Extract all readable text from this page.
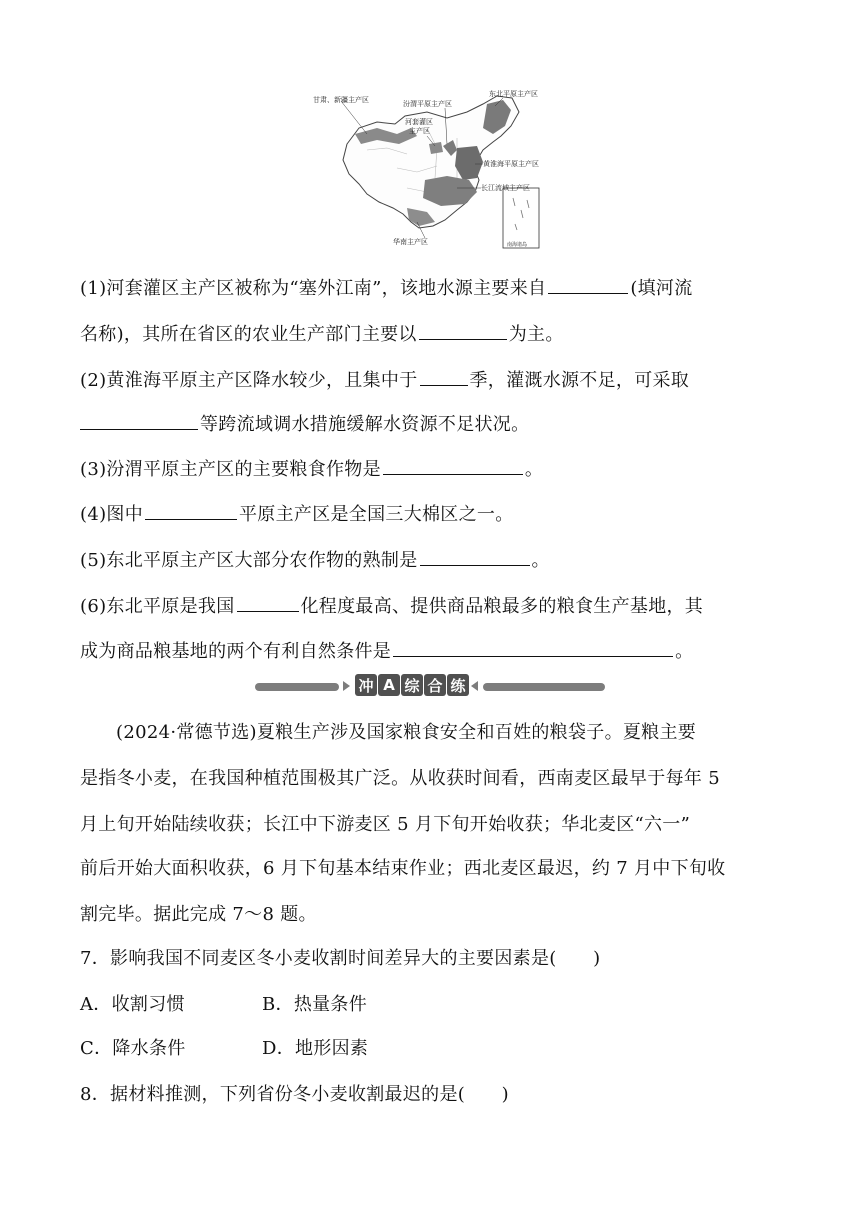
甘肃、新疆主产区	汾渭平原主产区
东北平原主产区
河套灌区
主产区
黄淮海平原主产区
长江流域主产区
华南主产区	南海诸岛
(1)河套灌区主产区被称为“塞外江南”，该地水源主要来自	(填河流
名称)，其所在省区的农业生产部门主要以	为主。
(2)黄淮海平原主产区降水较少，且集中于	季，灌溉水源不足，可采取
等跨流域调水措施缓解水资源不足状况。
(3)汾渭平原主产区的主要粮食作物是	。
(4)图中	平原主产区是全国三大棉区之一。
(5)东北平原主产区大部分农作物的熟制是	。
(6)东北平原是我国	化程度最高、提供商品粮最多的粮食生产基地，其
成为商品粮基地的两个有利自然条件是	。
冲 A 综 合 练
(2024·常德节选)夏粮生产涉及国家粮食安全和百姓的粮袋子。夏粮主要
是指冬小麦，在我国种植范围极其广泛。从收获时间看，西南麦区最早于每年 5
月上旬开始陆续收获；长江中下游麦区 5 月下旬开始收获；华北麦区“六一”
前后开始大面积收获，6 月下旬基本结束作业；西北麦区最迟，约 7 月中下旬收
割完毕。据此完成 7～8 题。
7．影响我国不同麦区冬小麦收割时间差异大的主要因素是(　　)
A．收割习惯	B．热量条件
C．降水条件	D．地形因素
8．据材料推测，下列省份冬小麦收割最迟的是(　　)
